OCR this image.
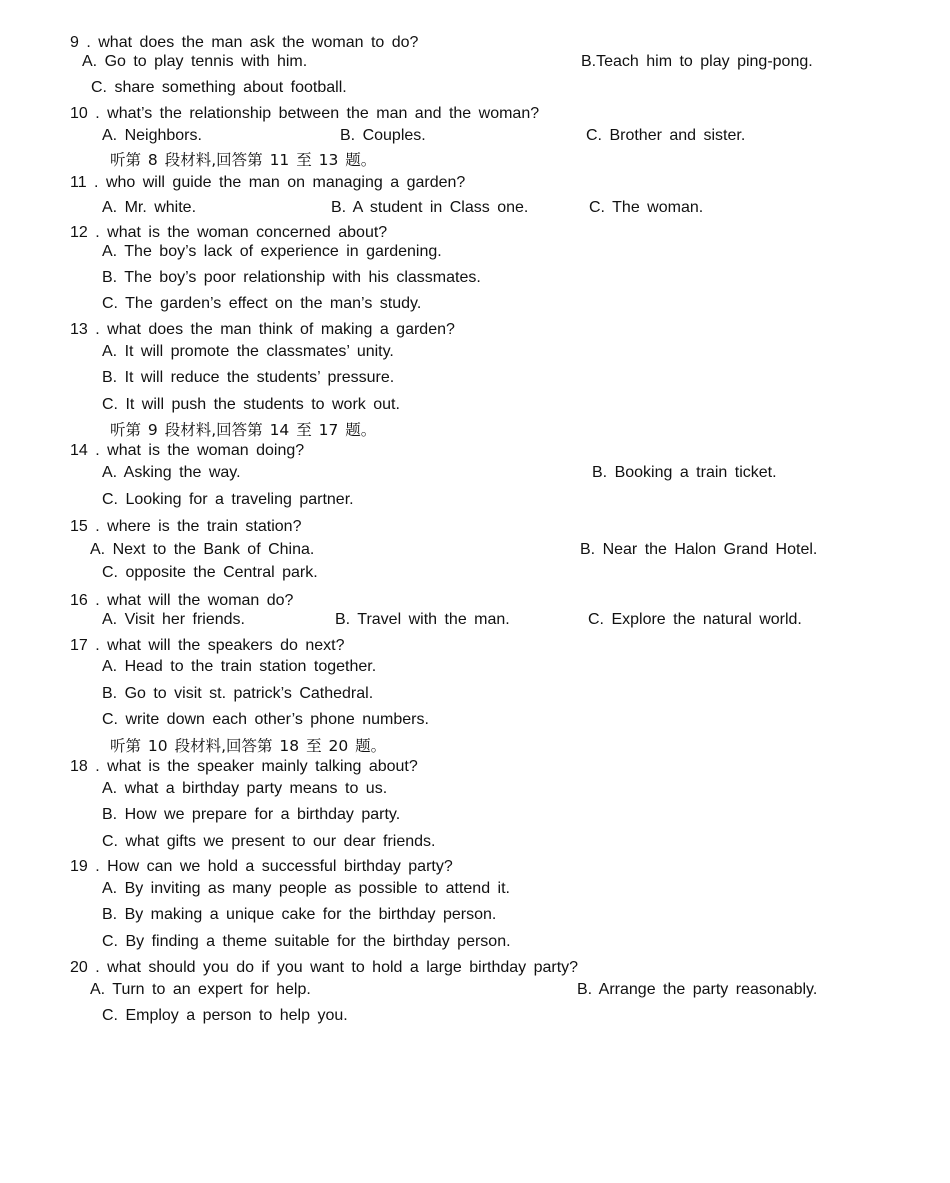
9 . what does the man ask the woman to do?
A. Go to play tennis with him.	B.Teach him to play ping-pong.
C. share something about football.
10 . what’s the relationship between the man and the woman?
A. Neighbors.	B. Couples.	C. Brother and sister.
听第 8 段材料,回答第 11 至 13 题。
11 . who will guide the man on managing a garden?
A. Mr. white.	B. A student in Class one.	C. The woman.
12 . what is the woman concerned about?
A. The boy’s lack of experience in gardening.
B. The boy’s poor relationship with his classmates.
C. The garden’s effect on the man’s study.
13 . what does the man think of making a garden?
A. It will promote the classmates’ unity.
B. It will reduce the students’ pressure.
C. It will push the students to work out.
听第 9 段材料,回答第 14 至 17 题。
14 . what is the woman doing?
A. Asking the way.	B. Booking a train ticket.
C. Looking for a traveling partner.
15 . where is the train station?
A. Next to the Bank of China.	B. Near the Halon Grand Hotel.
C. opposite the Central park.
16 . what will the woman do?
A. Visit her friends.	B. Travel with the man.	C. Explore the natural world.
17 . what will the speakers do next?
A. Head to the train station together.
B. Go to visit st. patrick’s Cathedral.
C. write down each other’s phone numbers.
听第 10 段材料,回答第 18 至 20 题。
18 . what is the speaker mainly talking about?
A. what a birthday party means to us.
B. How we prepare for a birthday party.
C. what gifts we present to our dear friends.
19 . How can we hold a successful birthday party?
A. By inviting as many people as possible to attend it.
B. By making a unique cake for the birthday person.
C. By finding a theme suitable for the birthday person.
20 . what should you do if you want to hold a large birthday party?
A. Turn to an expert for help.	B. Arrange the party reasonably.
C. Employ a person to help you.
